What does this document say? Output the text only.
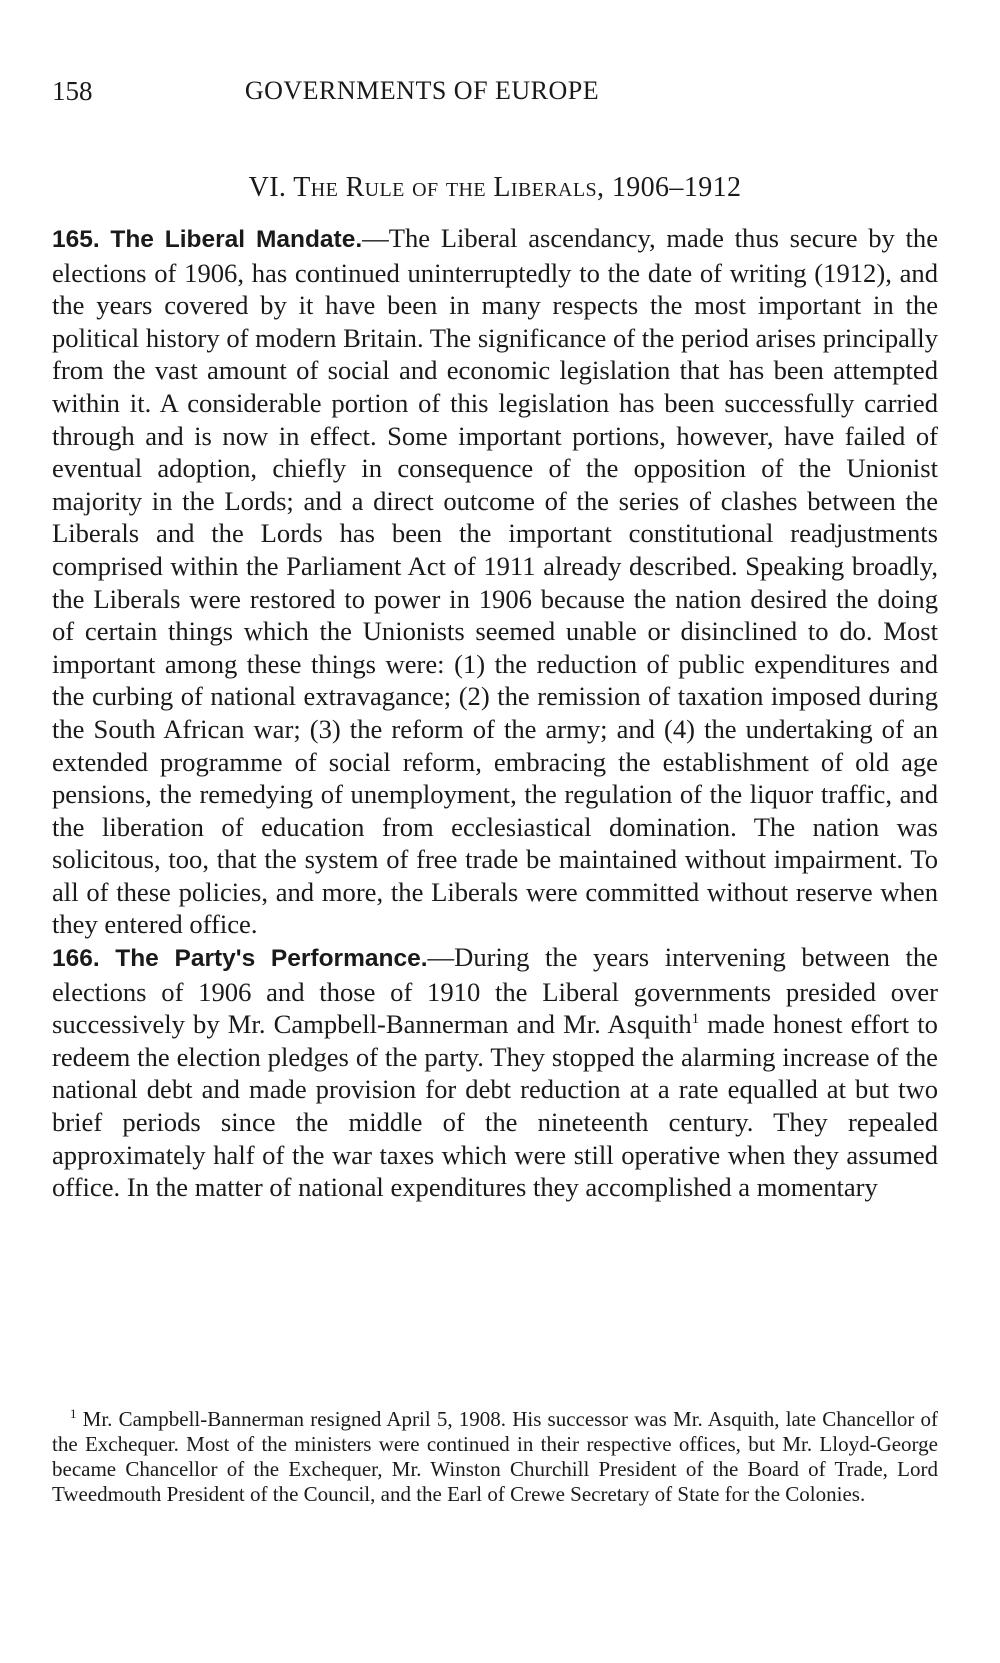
158	GOVERNMENTS OF EUROPE
VI. The Rule of the Liberals, 1906–1912

165. The Liberal Mandate.—The Liberal ascendancy, made thus secure by the elections of 1906, has continued uninterruptedly to the date of writing (1912), and the years covered by it have been in many respects the most important in the political history of modern Britain. The significance of the period arises principally from the vast amount of social and economic legislation that has been attempted within it. A considerable portion of this legislation has been successfully carried through and is now in effect. Some important portions, however, have failed of eventual adoption, chiefly in consequence of the opposition of the Unionist majority in the Lords; and a direct outcome of the series of clashes between the Liberals and the Lords has been the important constitutional readjustments comprised within the Parliament Act of 1911 already described. Speaking broadly, the Liberals were restored to power in 1906 because the nation desired the doing of certain things which the Unionists seemed unable or disinclined to do. Most important among these things were: (1) the reduction of public expenditures and the curbing of national extravagance; (2) the remission of taxation imposed during the South African war; (3) the reform of the army; and (4) the undertaking of an extended programme of social reform, embracing the establishment of old age pensions, the remedying of unemployment, the regulation of the liquor traffic, and the liberation of education from ecclesiastical domination. The nation was solicitous, too, that the system of free trade be maintained without impairment. To all of these policies, and more, the Liberals were committed without reserve when they entered office.

166. The Party's Performance.—During the years intervening between the elections of 1906 and those of 1910 the Liberal governments presided over successively by Mr. Campbell-Bannerman and Mr. Asquith$^1$ made honest effort to redeem the election pledges of the party. They stopped the alarming increase of the national debt and made provision for debt reduction at a rate equalled at but two brief periods since the middle of the nineteenth century. They repealed approximately half of the war taxes which were still operative when they assumed office. In the matter of national expenditures they accomplished a momentary

$^1$ Mr. Campbell-Bannerman resigned April 5, 1908. His successor was Mr. Asquith, late Chancellor of the Exchequer. Most of the ministers were continued in their respective offices, but Mr. Lloyd-George became Chancellor of the Exchequer, Mr. Winston Churchill President of the Board of Trade, Lord Tweedmouth President of the Council, and the Earl of Crewe Secretary of State for the Colonies.
